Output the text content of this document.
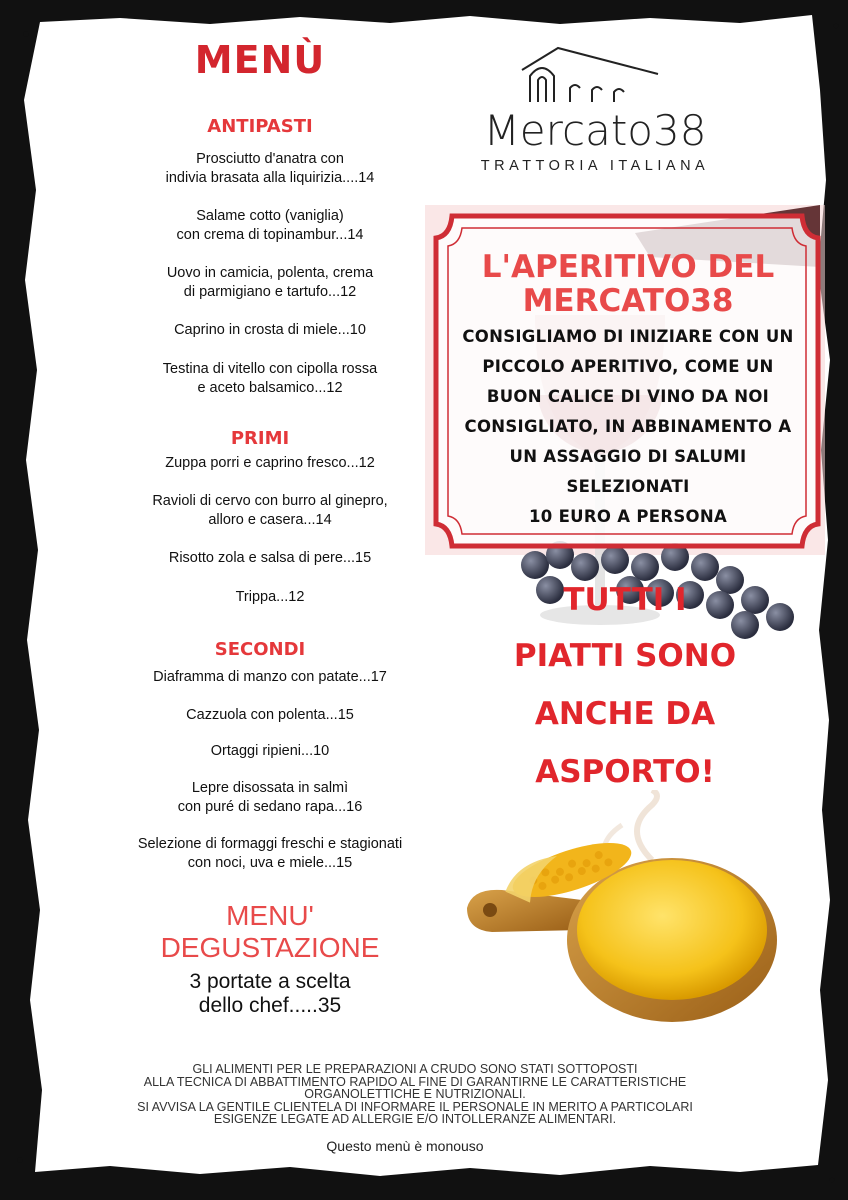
MENÙ
ANTIPASTI
Prosciutto d'anatra con
indivia brasata alla liquirizia....14
Salame cotto (vaniglia)
con crema di topinambur...14
Uovo in camicia, polenta, crema
di parmigiano e tartufo...12
Caprino in crosta di miele...10
Testina di vitello con cipolla rossa
e aceto balsamico...12
PRIMI
Zuppa porri e caprino fresco...12
Ravioli di cervo con burro al ginepro,
alloro e casera...14
Risotto zola e salsa di pere...15
Trippa...12
SECONDI
Diaframma di manzo con patate...17
Cazzuola con polenta...15
Ortaggi ripieni...10
Lepre disossata in salmì
con puré di sedano rapa...16
Selezione di formaggi freschi e stagionati
con noci, uva e miele...15
MENU'
DEGUSTAZIONE
3 portate a scelta
dello chef.....35
Mercato38
TRATTORIA ITALIANA
L'APERITIVO DEL
MERCATO38
CONSIGLIAMO DI INIZIARE CON UN
PICCOLO APERITIVO, COME UN
BUON CALICE DI VINO DA NOI
CONSIGLIATO, IN ABBINAMENTO A
UN ASSAGGIO DI SALUMI
SELEZIONATI
10 EURO A PERSONA
TUTTI I
PIATTI SONO
ANCHE DA
ASPORTO!
GLI ALIMENTI PER LE PREPARAZIONI A CRUDO SONO STATI SOTTOPOSTI
ALLA TECNICA DI ABBATTIMENTO RAPIDO AL FINE DI GARANTIRNE LE CARATTERISTICHE
ORGANOLETTICHE E NUTRIZIONALI.
SI AVVISA LA GENTILE CLIENTELA DI INFORMARE IL PERSONALE IN MERITO A PARTICOLARI
ESIGENZE LEGATE AD ALLERGIE E/O INTOLLERANZE ALIMENTARI.
Questo menù è monouso
